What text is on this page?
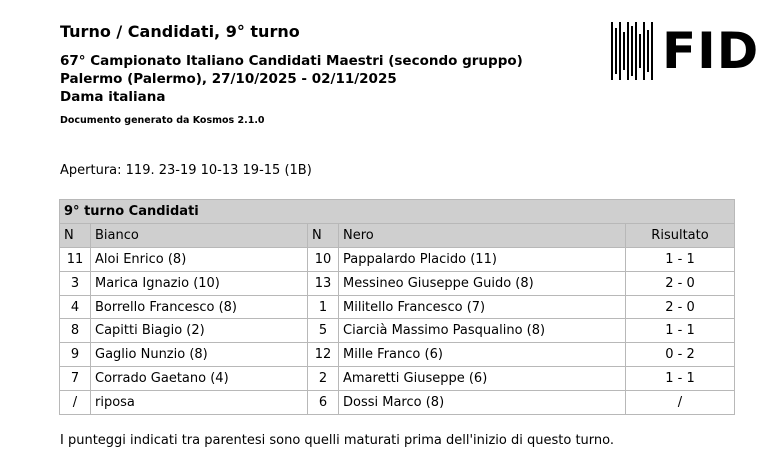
Turno / Candidati, 9° turno
67° Campionato Italiano Candidati Maestri (secondo gruppo)
Palermo (Palermo), 27/10/2025 - 02/11/2025
Dama italiana
Documento generato da Kosmos 2.1.0
FID
Apertura: 119. 23-19 10-13 19-15 (1B)
9° turno Candidati				
N	Bianco	N	Nero	Risultato
11	Aloi Enrico (8)	10	Pappalardo Placido (11)	1 - 1
3	Marica Ignazio (10)	13	Messineo Giuseppe Guido (8)	2 - 0
4	Borrello Francesco (8)	1	Militello Francesco (7)	2 - 0
8	Capitti Biagio (2)	5	Ciarcià Massimo Pasqualino (8)	1 - 1
9	Gaglio Nunzio (8)	12	Mille Franco (6)	0 - 2
7	Corrado Gaetano (4)	2	Amaretti Giuseppe (6)	1 - 1
/	riposa	6	Dossi Marco (8)	/
I punteggi indicati tra parentesi sono quelli maturati prima dell'inizio di questo turno.
